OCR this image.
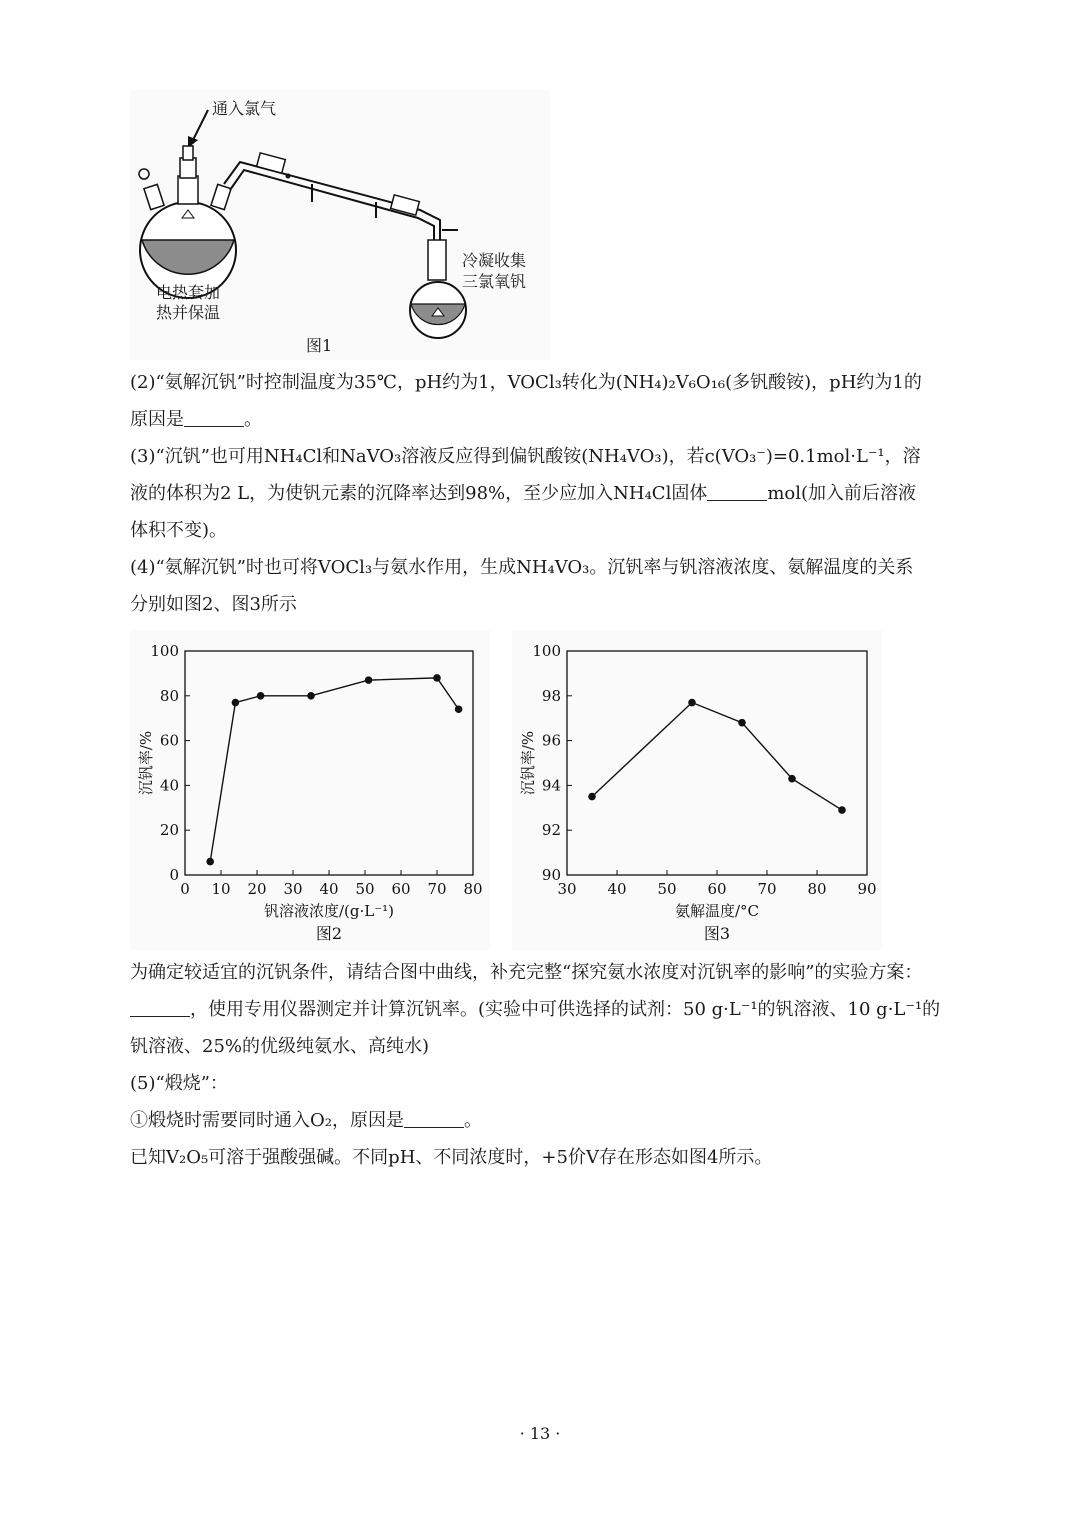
通入氯气
电热套加
热并保温
冷凝收集
三氯氧钒
图1
(2)“氨解沉钒”时控制温度为35℃，pH约为1，VOCl₃转化为(NH₄)₂V₆O₁₆(多钒酸铵)，pH约为1的
原因是	。
(3)“沉钒”也可用NH₄Cl和NaVO₃溶液反应得到偏钒酸铵(NH₄VO₃)，若c(VO₃⁻)=0.1mol·L⁻¹，溶
液的体积为2 L，为使钒元素的沉降率达到98%，至少应加入NH₄Cl固体	mol(加入前后溶液
体积不变)。
(4)“氨解沉钒”时也可将VOCl₃与氨水作用，生成NH₄VO₃。沉钒率与钒溶液浓度、氨解温度的关系
分别如图2、图3所示
0 10 20 30 40 50 60 70 80
0
20
40
60
80
100
钒溶液浓度/(g·L⁻¹)
沉钒率/%
图2
30 40 50 60 70 80 90
90
92
94
96
98
100
氨解温度/°C
沉钒率/%
图3
为确定较适宜的沉钒条件，请结合图中曲线，补充完整“探究氨水浓度对沉钒率的影响”的实验方案：
，使用专用仪器测定并计算沉钒率。(实验中可供选择的试剂：50 g·L⁻¹的钒溶液、10 g·L⁻¹的
钒溶液、25%的优级纯氨水、高纯水)
(5)“煅烧”：
①煅烧时需要同时通入O₂，原因是	。
已知V₂O₅可溶于强酸强碱。不同pH、不同浓度时，+5价V存在形态如图4所示。
· 13 ·
